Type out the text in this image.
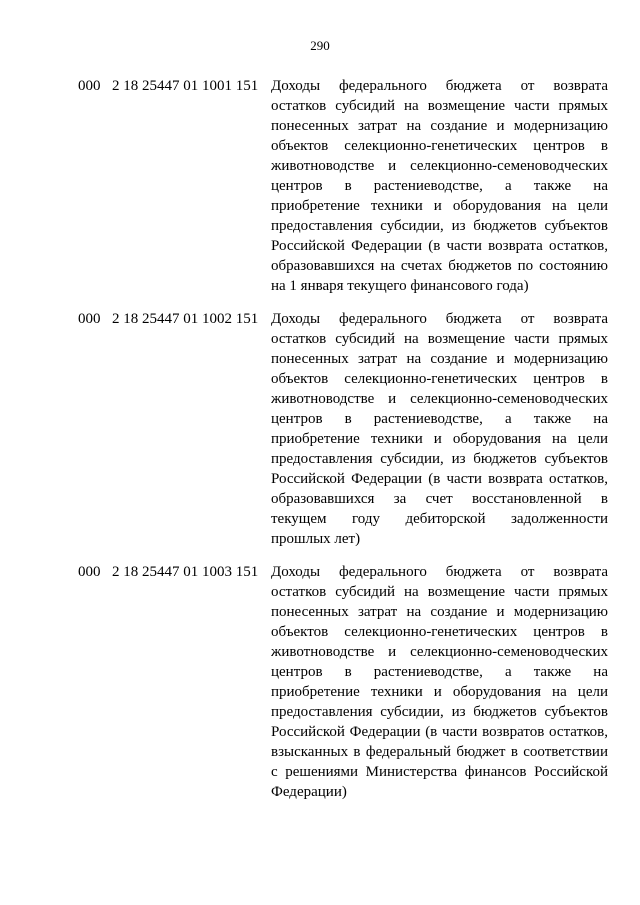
290
000 2 18 25447 01 1001 151 Доходы федерального бюджета от возврата
остатков субсидий на возмещение части прямых
понесенных затрат на создание и модернизацию
объектов селекционно-генетических центров в
животноводстве и селекционно-семеноводческих
центров в растениеводстве, а также на
приобретение техники и оборудования на цели
предоставления субсидии, из бюджетов субъектов
Российской Федерации (в части возврата остатков,
образовавшихся на счетах бюджетов по состоянию
на 1 января текущего финансового года)
000 2 18 25447 01 1002 151 Доходы федерального бюджета от возврата
остатков субсидий на возмещение части прямых
понесенных затрат на создание и модернизацию
объектов селекционно-генетических центров в
животноводстве и селекционно-семеноводческих
центров в растениеводстве, а также на
приобретение техники и оборудования на цели
предоставления субсидии, из бюджетов субъектов
Российской Федерации (в части возврата остатков,
образовавшихся за счет восстановленной в
текущем году дебиторской задолженности
прошлых лет)
000 2 18 25447 01 1003 151 Доходы федерального бюджета от возврата
остатков субсидий на возмещение части прямых
понесенных затрат на создание и модернизацию
объектов селекционно-генетических центров в
животноводстве и селекционно-семеноводческих
центров в растениеводстве, а также на
приобретение техники и оборудования на цели
предоставления субсидии, из бюджетов субъектов
Российской Федерации (в части возвратов остатков,
взысканных в федеральный бюджет в соответствии
с решениями Министерства финансов Российской
Федерации)
